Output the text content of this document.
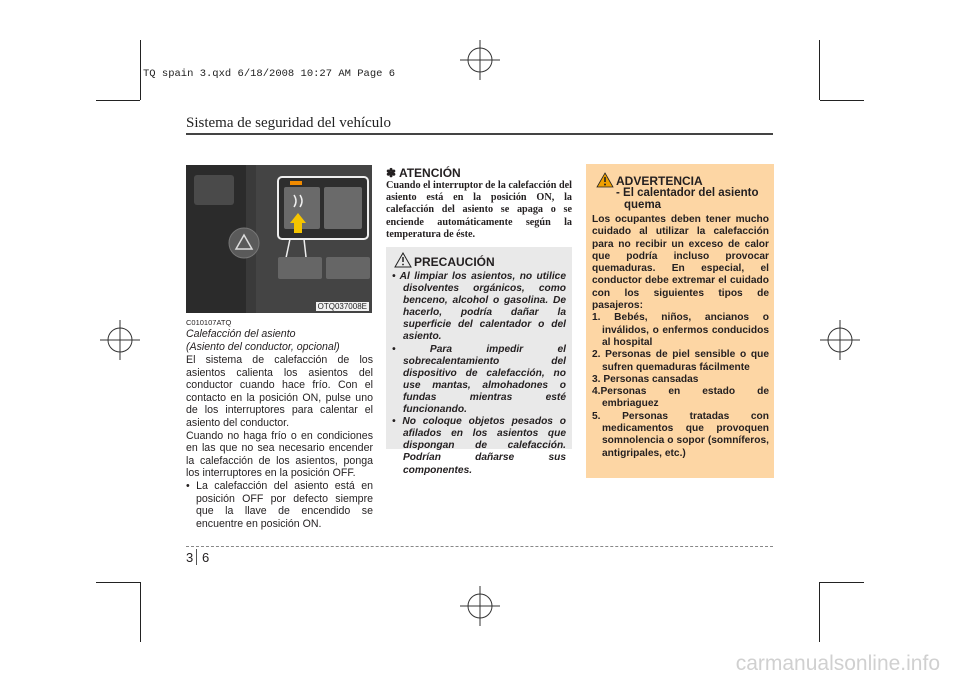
TQ spain 3.qxd 6/18/2008 10:27 AM Page 6
Sistema de seguridad del vehículo
OTQ037008E
C010107ATQ
Calefacción del asiento
(Asiento del conductor, opcional)

El sistema de calefacción de los asientos calienta los asientos del conductor cuando hace frío. Con el contacto en la posición ON, pulse uno de los interruptores para calentar el asiento del conductor.

Cuando no haga frío o en condiciones en las que no sea necesario encender la calefacción de los asientos, ponga los interruptores en la posición OFF.

• La calefacción del asiento está en posición OFF por defecto siempre que la llave de encendido se encuentre en posición ON.

✽ ATENCIÓN
Cuando el interruptor de la calefacción del asiento está en la posición ON, la calefacción del asiento se apaga o se enciende automáticamente según la temperatura de éste.
PRECAUCIÓN
• Al limpiar los asientos, no utilice disolventes orgánicos, como benceno, alcohol o gasolina. De hacerlo, podría dañar la superficie del calentador o del asiento.
• Para impedir el sobrecalentamiento del dispositivo de calefacción, no use mantas, almohadones o fundas mientras esté funcionando.
• No coloque objetos pesados o afilados en los asientos que dispongan de calefacción. Podrían dañarse sus componentes.
ADVERTENCIA
- El calentador del asiento
quema

Los ocupantes deben tener mucho cuidado al utilizar la calefacción para no recibir un exceso de calor que podría incluso provocar quemaduras. En especial, el conductor debe extremar el cuidado con los siguientes tipos de pasajeros:

1. Bebés, niños, ancianos o inválidos, o enfermos conducidos al hospital

2. Personas de piel sensible o que sufren quemaduras fácilmente

3. Personas cansadas

4.Personas en estado de embriaguez

5. Personas tratadas con medicamentos que provoquen somnolencia o sopor (somníferos, antigripales, etc.)

3 6
carmanualsonline.info
